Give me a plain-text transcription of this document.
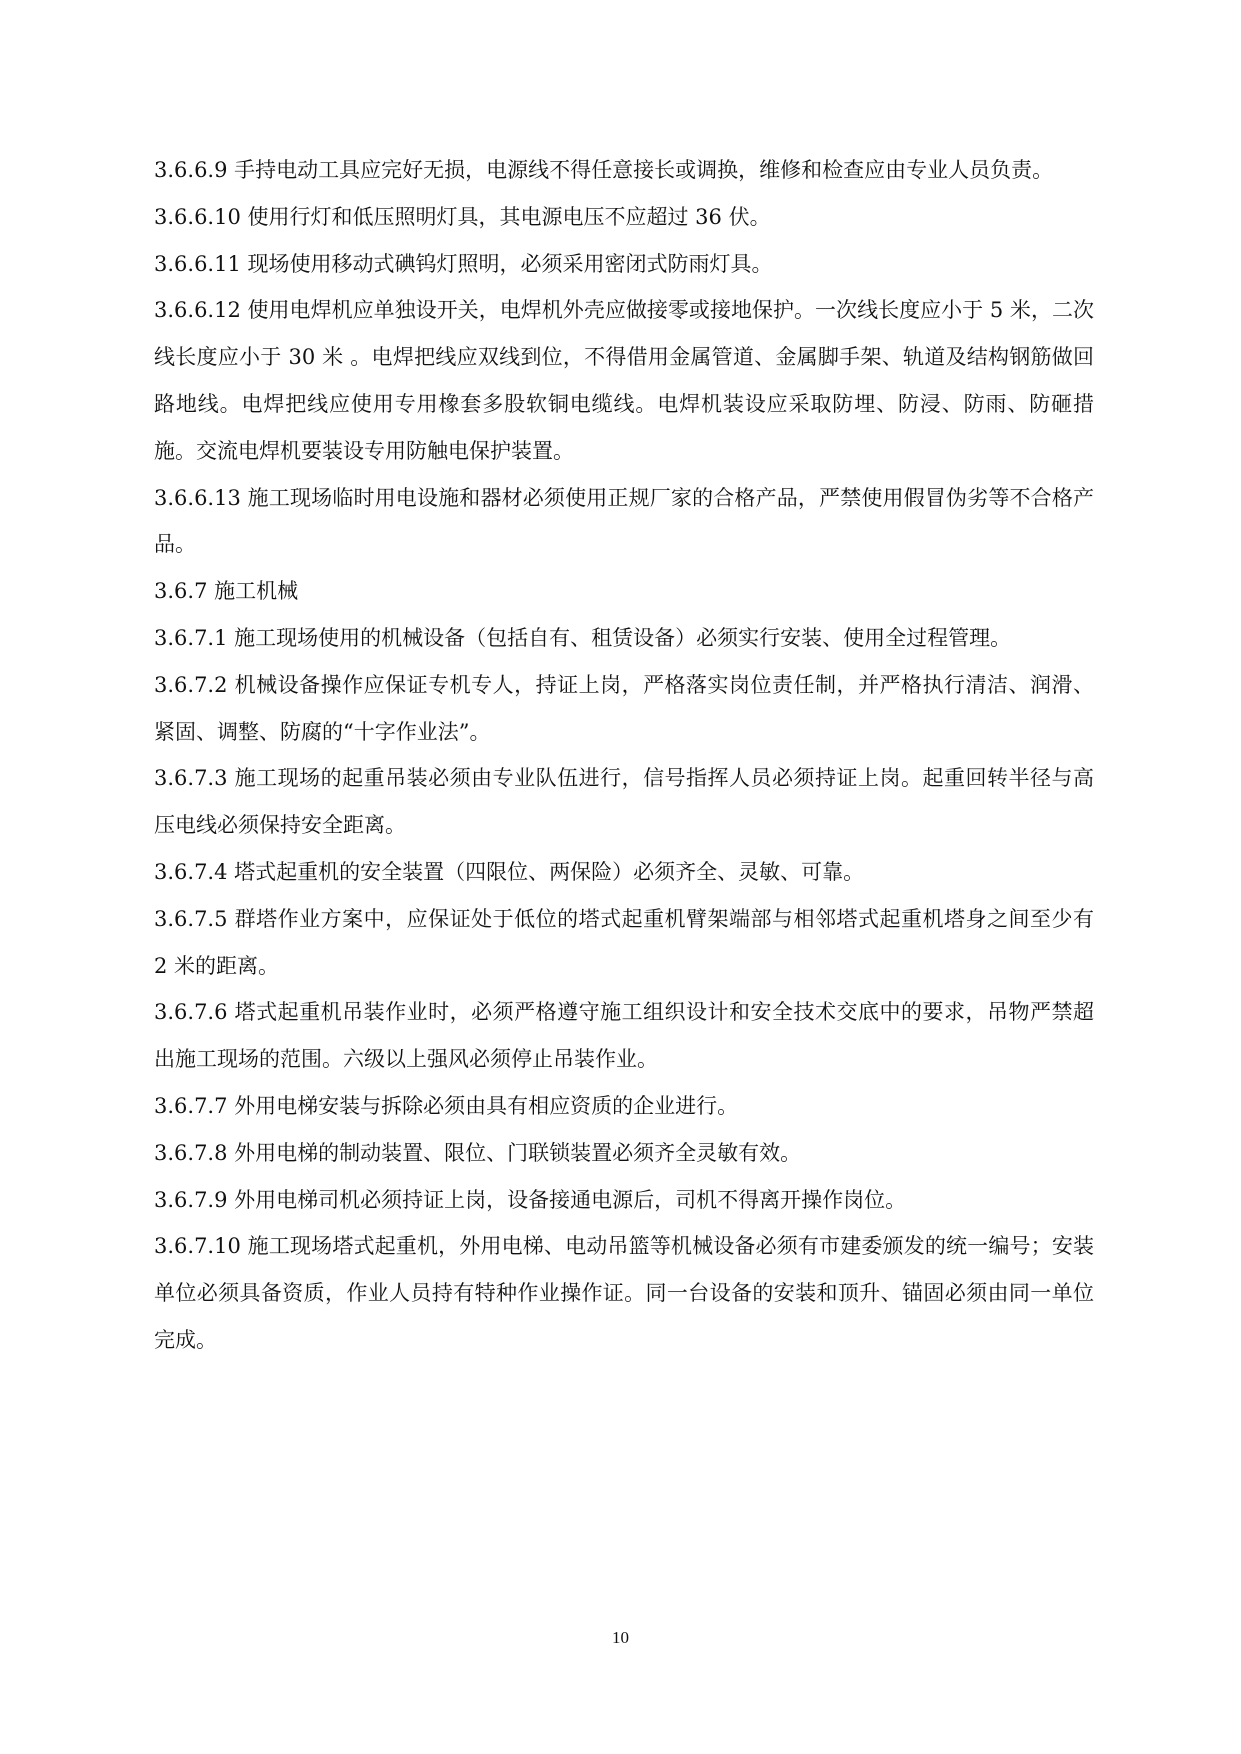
3.6.6.9 手持电动工具应完好无损，电源线不得任意接长或调换，维修和检查应由专业人员负责。

3.6.6.10 使用行灯和低压照明灯具，其电源电压不应超过 36 伏。

3.6.6.11 现场使用移动式碘钨灯照明，必须采用密闭式防雨灯具。

3.6.6.12 使用电焊机应单独设开关，电焊机外壳应做接零或接地保护。一次线长度应小于 5 米，二次线长度应小于 30 米 。电焊把线应双线到位，不得借用金属管道、金属脚手架、轨道及结构钢筋做回路地线。电焊把线应使用专用橡套多股软铜电缆线。电焊机装设应采取防埋、防浸、防雨、防砸措施。交流电焊机要装设专用防触电保护装置。

3.6.6.13 施工现场临时用电设施和器材必须使用正规厂家的合格产品，严禁使用假冒伪劣等不合格产品。

3.6.7 施工机械

3.6.7.1 施工现场使用的机械设备（包括自有、租赁设备）必须实行安装、使用全过程管理。

3.6.7.2 机械设备操作应保证专机专人，持证上岗，严格落实岗位责任制，并严格执行清洁、润滑、紧固、调整、防腐的“十字作业法”。

3.6.7.3 施工现场的起重吊装必须由专业队伍进行，信号指挥人员必须持证上岗。起重回转半径与高压电线必须保持安全距离。

3.6.7.4 塔式起重机的安全装置（四限位、两保险）必须齐全、灵敏、可靠。

3.6.7.5 群塔作业方案中，应保证处于低位的塔式起重机臂架端部与相邻塔式起重机塔身之间至少有 2 米的距离。

3.6.7.6 塔式起重机吊装作业时，必须严格遵守施工组织设计和安全技术交底中的要求，吊物严禁超出施工现场的范围。六级以上强风必须停止吊装作业。

3.6.7.7 外用电梯安装与拆除必须由具有相应资质的企业进行。

3.6.7.8 外用电梯的制动装置、限位、门联锁装置必须齐全灵敏有效。

3.6.7.9 外用电梯司机必须持证上岗，设备接通电源后，司机不得离开操作岗位。

3.6.7.10 施工现场塔式起重机，外用电梯、电动吊篮等机械设备必须有市建委颁发的统一编号；安装单位必须具备资质，作业人员持有特种作业操作证。同一台设备的安装和顶升、锚固必须由同一单位完成。

10
